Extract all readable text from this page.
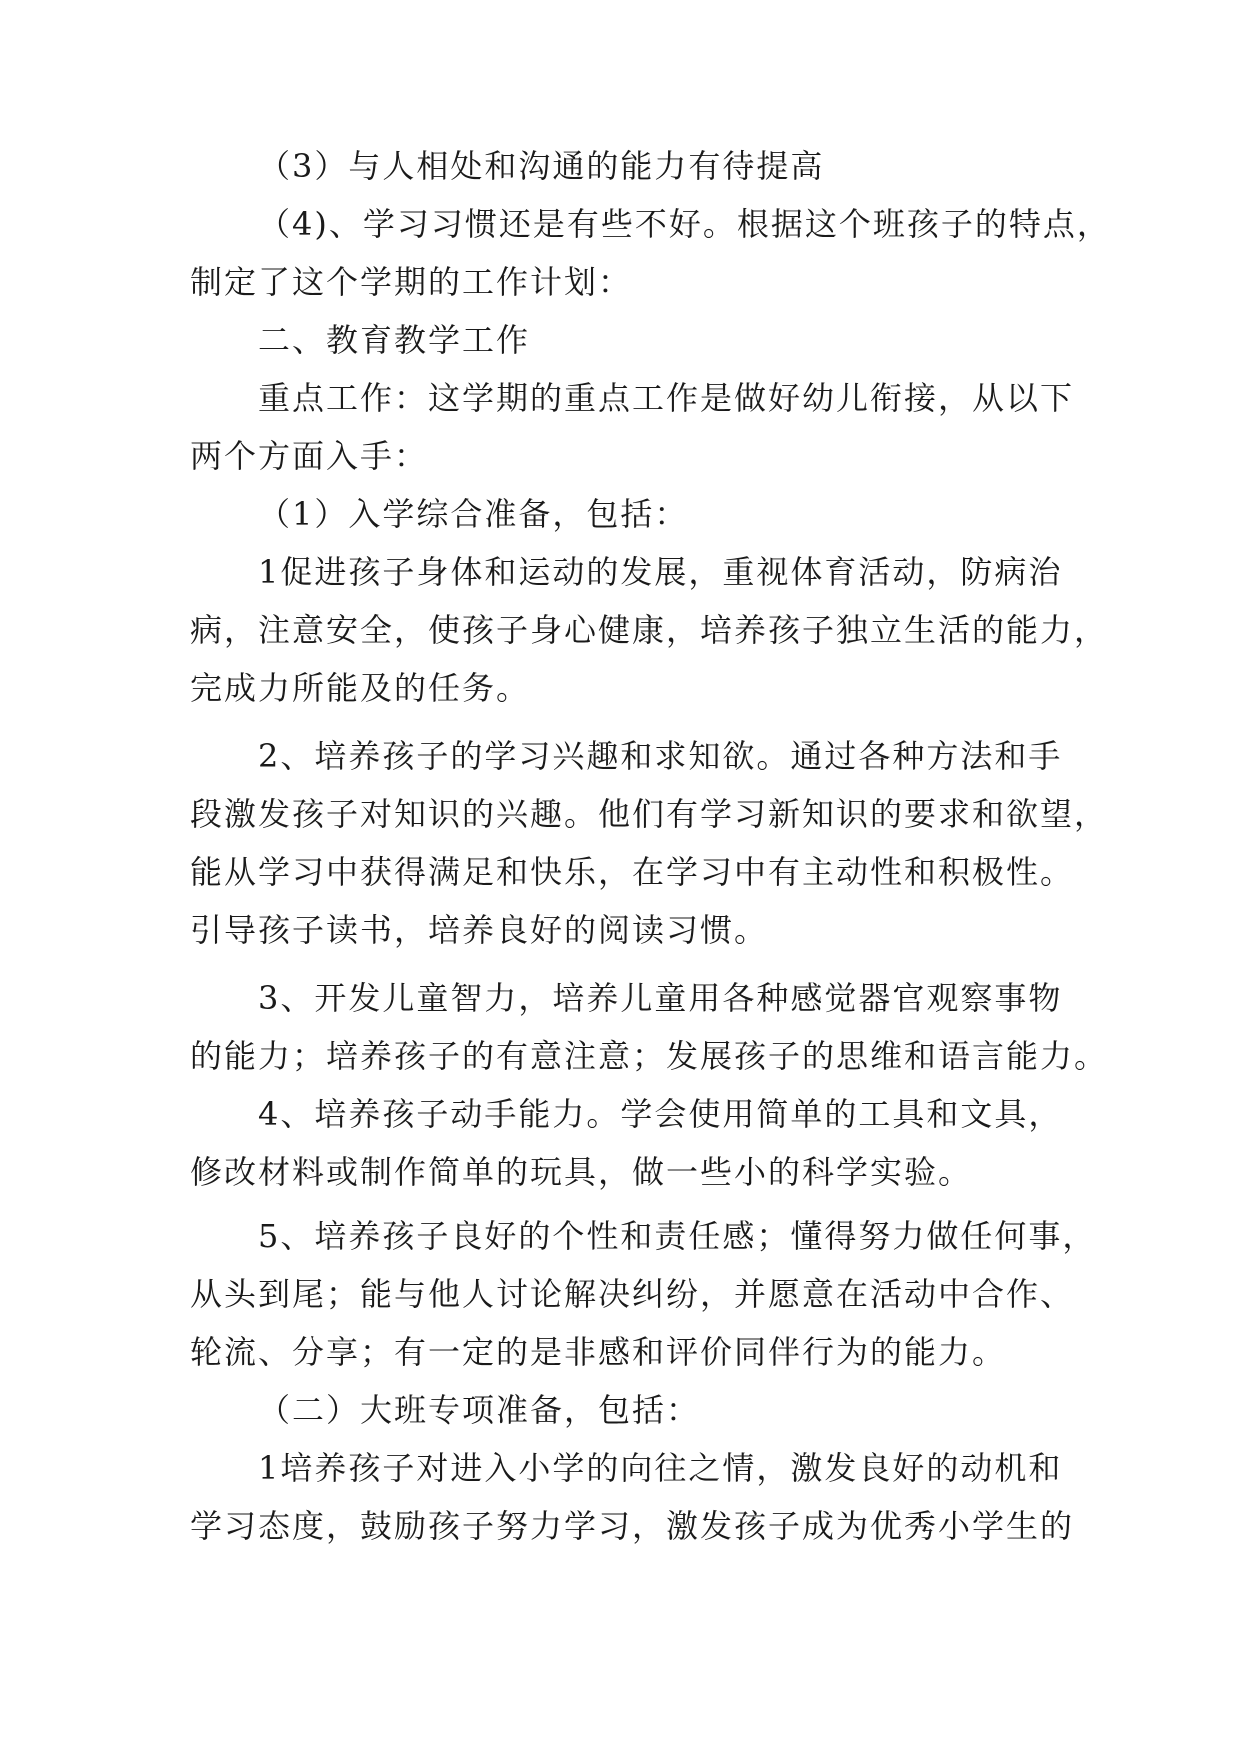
（3）与人相处和沟通的能力有待提高
（4)、学习习惯还是有些不好。根据这个班孩子的特点，
制定了这个学期的工作计划：
二、教育教学工作
重点工作：这学期的重点工作是做好幼儿衔接，从以下
两个方面入手：
（1）入学综合准备，包括：
1促进孩子身体和运动的发展，重视体育活动，防病治
病，注意安全，使孩子身心健康，培养孩子独立生活的能力，
完成力所能及的任务。
2、培养孩子的学习兴趣和求知欲。通过各种方法和手
段激发孩子对知识的兴趣。他们有学习新知识的要求和欲望，
能从学习中获得满足和快乐，在学习中有主动性和积极性。
引导孩子读书，培养良好的阅读习惯。
3、开发儿童智力，培养儿童用各种感觉器官观察事物
的能力；培养孩子的有意注意；发展孩子的思维和语言能力。
4、培养孩子动手能力。学会使用简单的工具和文具，
修改材料或制作简单的玩具，做一些小的科学实验。
5、培养孩子良好的个性和责任感；懂得努力做任何事，
从头到尾；能与他人讨论解决纠纷，并愿意在活动中合作、
轮流、分享；有一定的是非感和评价同伴行为的能力。
（二）大班专项准备，包括：
1培养孩子对进入小学的向往之情，激发良好的动机和
学习态度，鼓励孩子努力学习，激发孩子成为优秀小学生的
